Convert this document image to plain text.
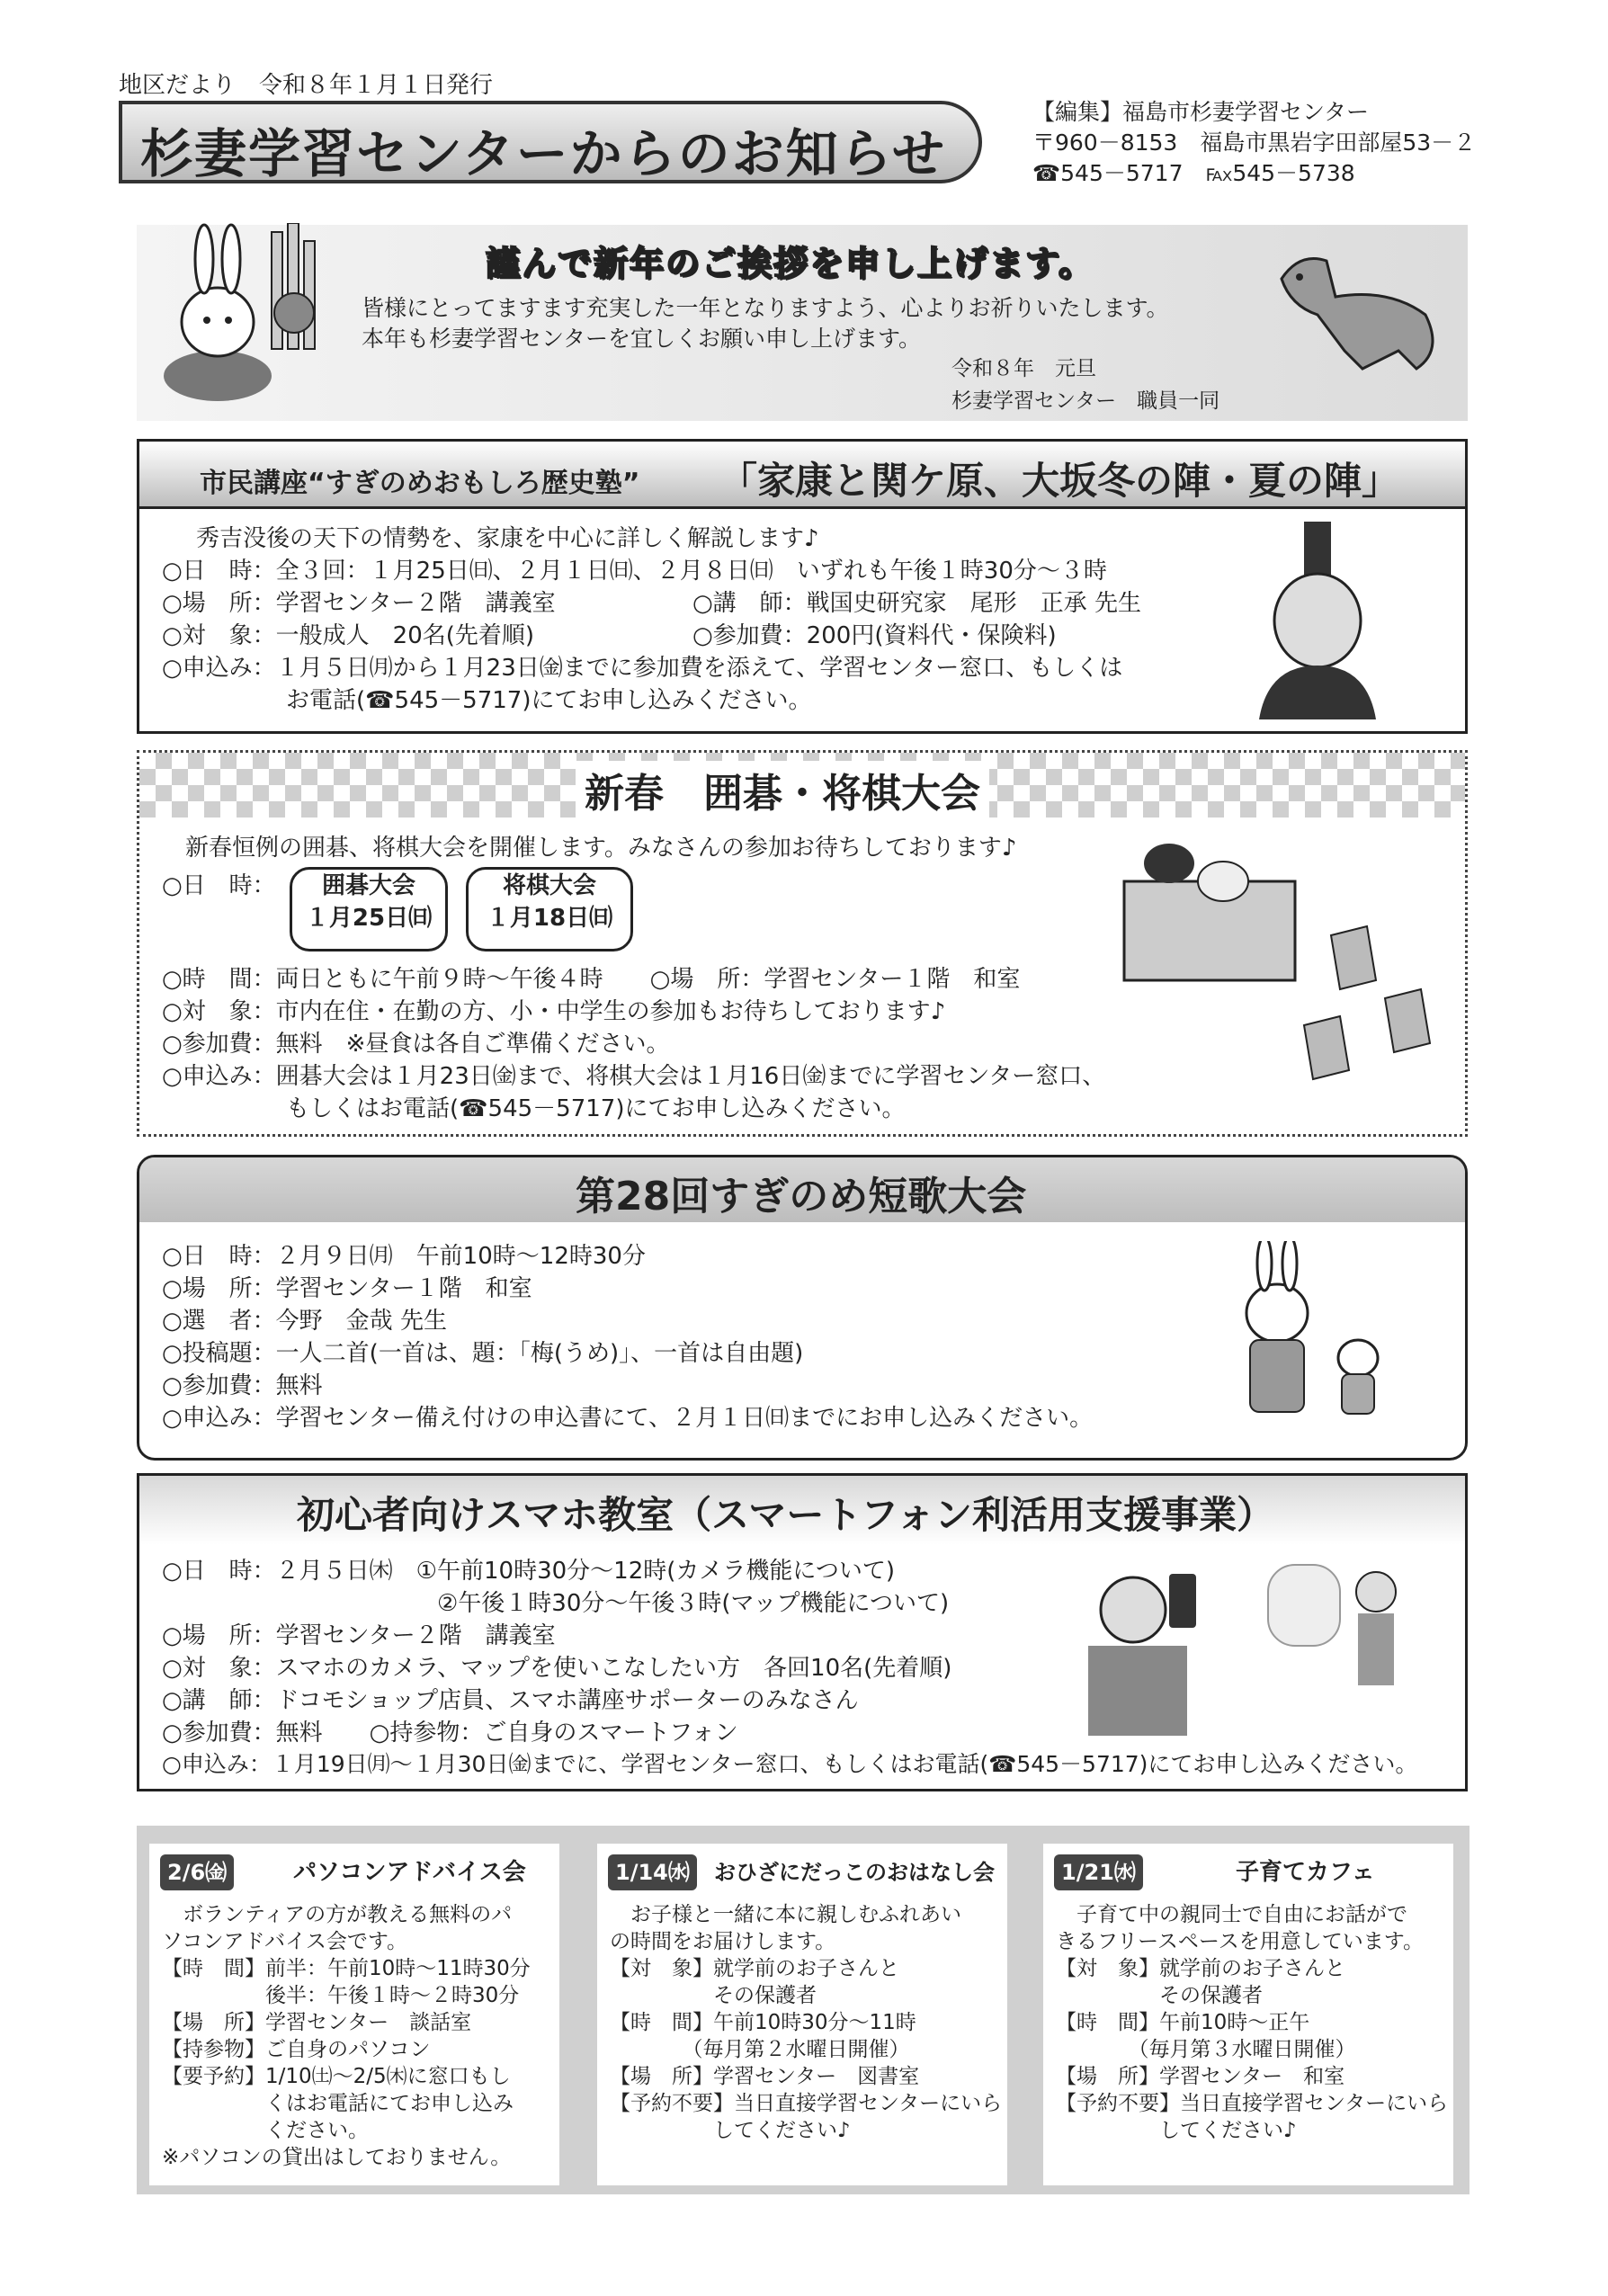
地区だより　令和８年１月１日発行
杉妻学習センターからのお知らせ
【編集】福島市杉妻学習センター
〒960－8153　福島市黒岩字田部屋53－２
☎545－5717　℻545－5738
謹んで新年のご挨拶を申し上げます。
皆様にとってますます充実した一年となりますよう、心よりお祈りいたします。
本年も杉妻学習センターを宜しくお願い申し上げます。
令和８年　元旦
杉妻学習センター　職員一同
市民講座“すぎのめおもしろ歴史塾” 「家康と関ケ原、大坂冬の陣・夏の陣」
秀吉没後の天下の情勢を、家康を中心に詳しく解説します♪
○日　時：全３回：１月25日㈰、２月１日㈰、２月８日㈰　いずれも午後１時30分～３時
○場　所：学習センター２階　講義室	○講　師：戦国史研究家　尾形　正承 先生
○対　象：一般成人　20名(先着順)	○参加費：200円(資料代・保険料)
○申込み：１月５日㈪から１月23日㈮までに参加費を添えて、学習センター窓口、もしくは
お電話(☎545－5717)にてお申し込みください。
新春　囲碁・将棋大会
新春恒例の囲碁、将棋大会を開催します。みなさんの参加お待ちしております♪
○日　時：	囲碁大会
１月25日㈰
将棋大会
１月18日㈰
○時　間：両日ともに午前９時～午後４時　　○場　所：学習センター１階　和室
○対　象：市内在住・在勤の方、小・中学生の参加もお待ちしております♪
○参加費：無料　※昼食は各自ご準備ください。
○申込み：囲碁大会は１月23日㈮まで、将棋大会は１月16日㈮までに学習センター窓口、
もしくはお電話(☎545－5717)にてお申し込みください。
第28回すぎのめ短歌大会
○日　時：２月９日㈪　午前10時～12時30分
○場　所：学習センター１階　和室
○選　者：今野　金哉 先生
○投稿題：一人二首(一首は、題：「梅(うめ)」、一首は自由題)
○参加費：無料
○申込み：学習センター備え付けの申込書にて、２月１日㈰までにお申し込みください。
初心者向けスマホ教室（スマートフォン利活用支援事業）
○日　時：２月５日㈭　①午前10時30分～12時(カメラ機能について)
②午後１時30分～午後３時(マップ機能について)
○場　所：学習センター２階　講義室
○対　象：スマホのカメラ、マップを使いこなしたい方　各回10名(先着順)
○講　師：ドコモショップ店員、スマホ講座サポーターのみなさん
○参加費：無料　　○持参物：ご自身のスマートフォン
○申込み：１月19日㈪～１月30日㈮までに、学習センター窓口、もしくはお電話(☎545－5717)にてお申し込みください。
2/6㈮	パソコンアドバイス会
　ボランティアの方が教える無料のパ
ソコンアドバイス会です。
【時　間】前半：午前10時～11時30分
　　　　　後半：午後１時～２時30分
【場　所】学習センター　談話室
【持参物】ご自身のパソコン
【要予約】1/10㈯～2/5㈭に窓口もし
　　　　　くはお電話にてお申し込み
　　　　　ください。
※パソコンの貸出はしておりません。
1/14㈬	おひざにだっこのおはなし会
　お子様と一緒に本に親しむふれあい
の時間をお届けします。
【対　象】就学前のお子さんと
　　　　　その保護者
【時　間】午前10時30分～11時
　　　　（毎月第２水曜日開催）
【場　所】学習センター　図書室
【予約不要】当日直接学習センターにいら
　　　　　してください♪
1/21㈬	子育てカフェ
　子育て中の親同士で自由にお話がで
きるフリースペースを用意しています。
【対　象】就学前のお子さんと
　　　　　その保護者
【時　間】午前10時～正午
　　　　（毎月第３水曜日開催）
【場　所】学習センター　和室
【予約不要】当日直接学習センターにいら
　　　　　してください♪
